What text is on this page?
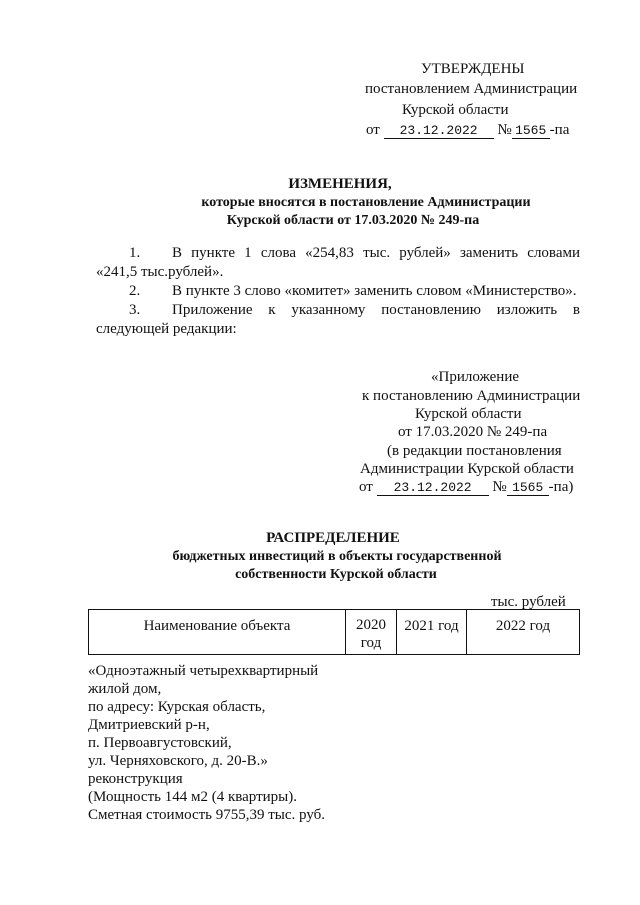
УТВЕРЖДЕНЫ
постановлением Администрации
Курской области
от 23.12.2022 № 1565 -па
ИЗМЕНЕНИЯ,
которые вносятся в постановление Администрации
Курской области от 17.03.2020 № 249-па
1. В пункте 1 слова «254,83 тыс. рублей» заменить словами
«241,5 тыс.рублей».
2. В пункте 3 слово «комитет» заменить словом «Министерство».
3. Приложение к указанному постановлению изложить в
следующей редакции:
«Приложение
к постановлению Администрации
Курской области
от 17.03.2020 № 249-па
(в редакции постановления
Администрации Курской области
от 23.12.2022 № 1565 -па)
РАСПРЕДЕЛЕНИЕ
бюджетных инвестиций в объекты государственной
собственности Курской области
тыс. рублей
Наименование объекта	2020 год
2021 год	2022 год
«Одноэтажный четырехквартирный
жилой дом,
по адресу: Курская область,
Дмитриевский р-н,
п. Первоавгустовский,
ул. Черняховского, д. 20-В.»
реконструкция
(Мощность 144 м2 (4 квартиры).
Сметная стоимость 9755,39 тыс. руб.
